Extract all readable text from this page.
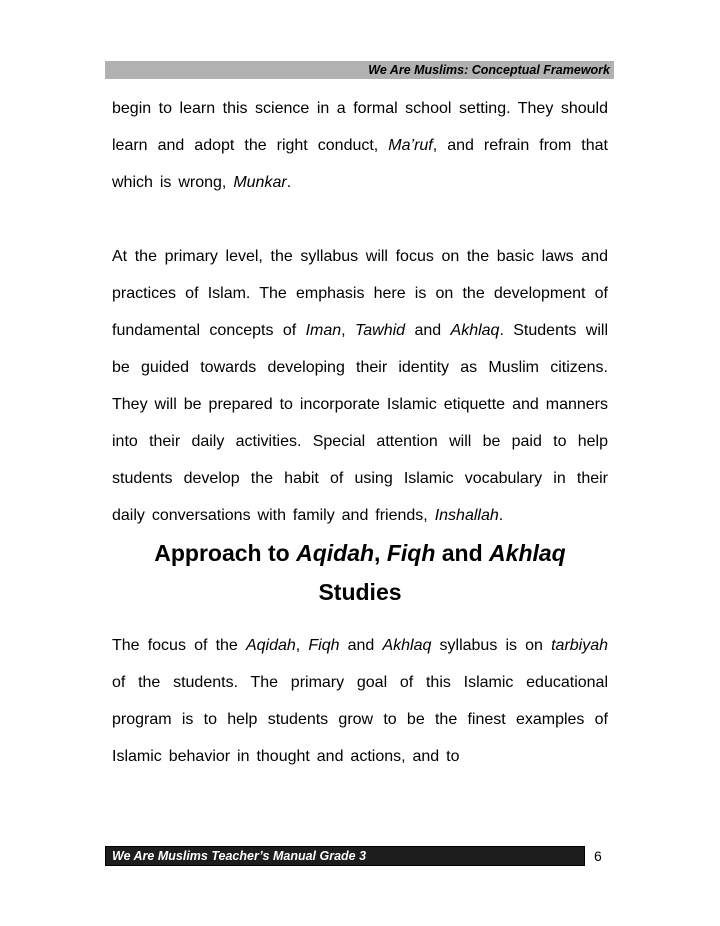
We Are Muslims: Conceptual Framework

begin to learn this science in a formal school setting. They should learn and adopt the right conduct, Ma’ruf, and refrain from that which is wrong, Munkar.

At the primary level, the syllabus will focus on the basic laws and practices of Islam. The emphasis here is on the development of fundamental concepts of Iman, Tawhid and Akhlaq. Students will be guided towards developing their identity as Muslim citizens. They will be prepared to incorporate Islamic etiquette and manners into their daily activities. Special attention will be paid to help students develop the habit of using Islamic vocabulary in their daily conversations with family and friends, Inshallah.

Approach to Aqidah, Fiqh and Akhlaq Studies

The focus of the Aqidah, Fiqh and Akhlaq syllabus is on tarbiyah of the students. The primary goal of this Islamic educational program is to help students grow to be the finest examples of Islamic behavior in thought and actions, and to

We Are Muslims Teacher’s Manual Grade 3	6
